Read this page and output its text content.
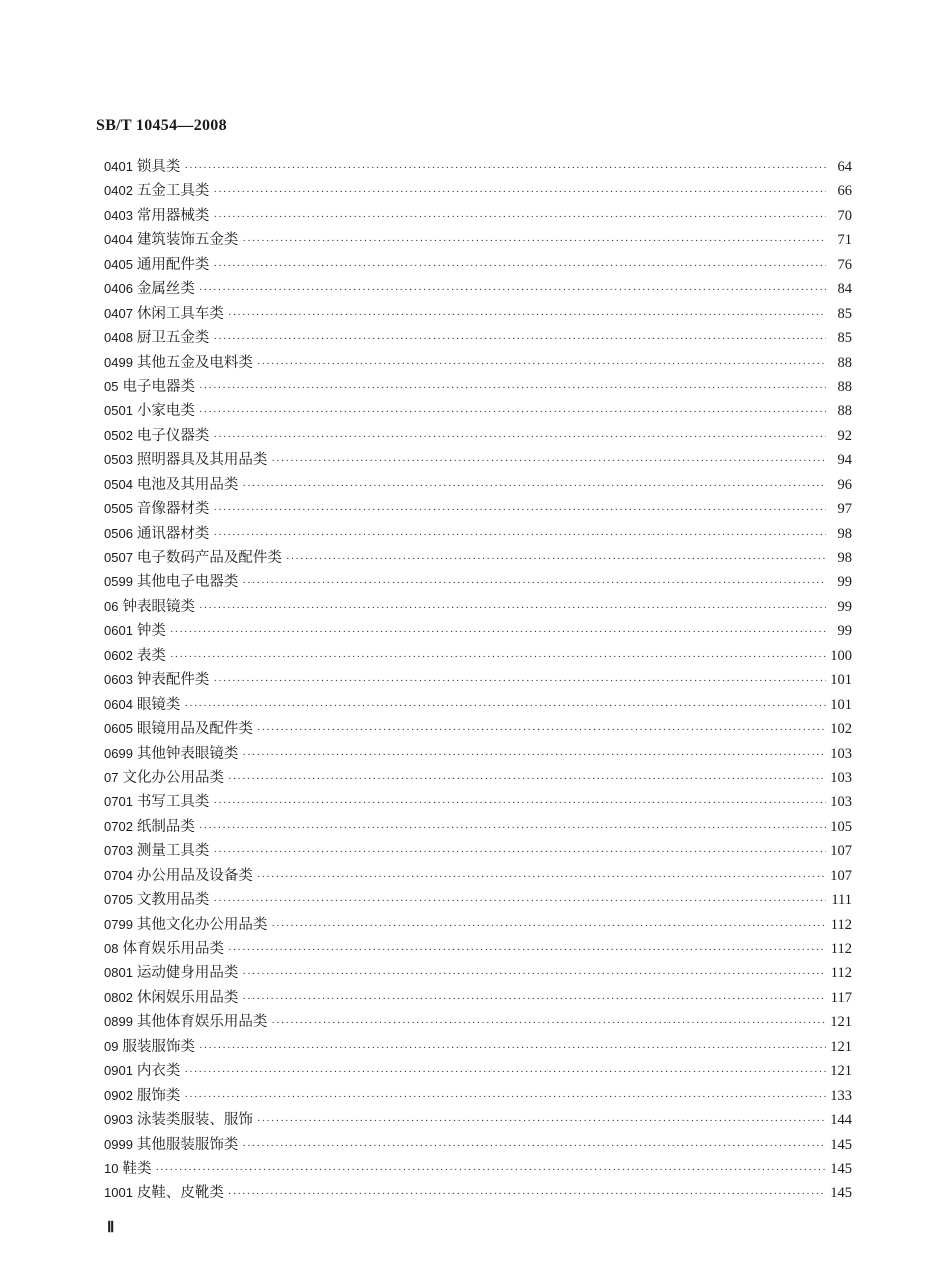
SB/T 10454—2008
0401 锁具类 ·····	64
0402 五金工具类 ·····	66
0403 常用器械类 ·····	70
0404 建筑装饰五金类 ·····	71
0405 通用配件类 ·····	76
0406 金属丝类 ·····	84
0407 休闲工具车类 ·····	85
0408 厨卫五金类 ·····	85
0499 其他五金及电料类 ·····	88
05 电子电器类 ·····	88
0501 小家电类 ·····	88
0502 电子仪器类 ·····	92
0503 照明器具及其用品类 ·····	94
0504 电池及其用品类 ·····	96
0505 音像器材类 ·····	97
0506 通讯器材类 ·····	98
0507 电子数码产品及配件类 ·····	98
0599 其他电子电器类 ·····	99
06 钟表眼镜类 ·····	99
0601 钟类 ·····	99
0602 表类 ·····	100
0603 钟表配件类 ·····	101
0604 眼镜类 ·····	101
0605 眼镜用品及配件类 ·····	102
0699 其他钟表眼镜类 ·····	103
07 文化办公用品类 ·····	103
0701 书写工具类 ·····	103
0702 纸制品类 ·····	105
0703 测量工具类 ·····	107
0704 办公用品及设备类 ·····	107
0705 文教用品类 ·····	111
0799 其他文化办公用品类 ·····	112
08 体育娱乐用品类 ·····	112
0801 运动健身用品类 ·····	112
0802 休闲娱乐用品类 ·····	117
0899 其他体育娱乐用品类 ·····	121
09 服装服饰类 ·····	121
0901 内衣类 ·····	121
0902 服饰类 ·····	133
0903 泳装类服装、服饰 ·····	144
0999 其他服装服饰类 ·····	145
10 鞋类 ·····	145
1001 皮鞋、皮靴类 ·····	145
Ⅱ
